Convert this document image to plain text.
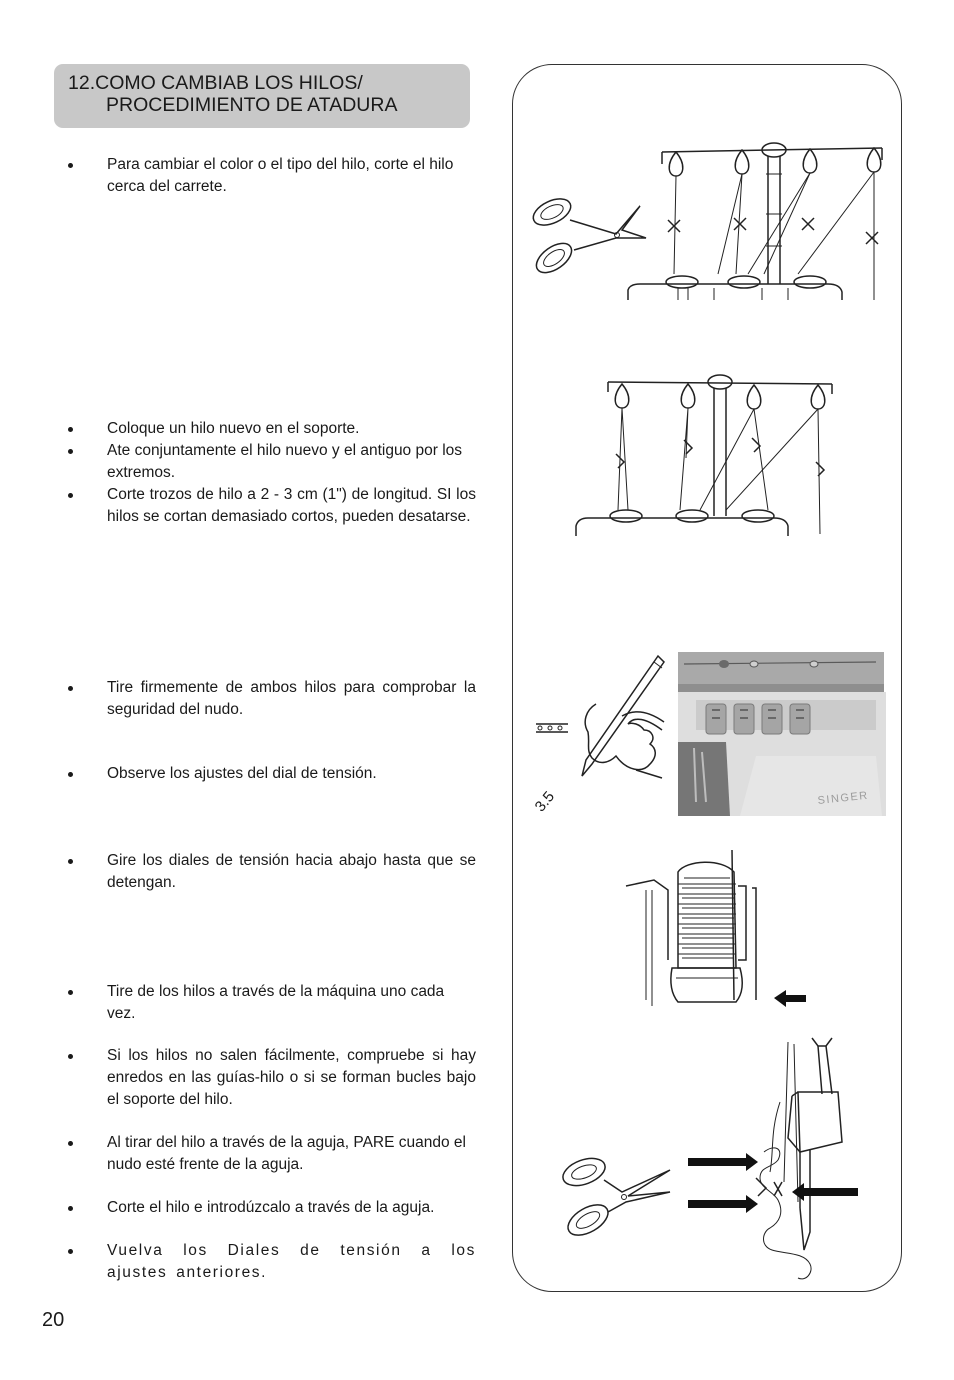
12.COMO CAMBIAB LOS HILOS/
PROCEDIMIENTO DE ATADURA
Para cambiar el color o el tipo del hilo, corte el hilo cerca del carrete.
Coloque un hilo nuevo en el soporte.
Ate conjuntamente el hilo nuevo y el antiguo por los extremos.
Corte trozos de hilo a 2 - 3 cm (1") de longitud. SI los hilos se cortan demasiado cortos, pueden desatarse.
Tire firmemente de ambos hilos para comprobar la seguridad del nudo.
Observe los ajustes del dial de tensión.
Gire los diales de tensión hacia abajo hasta que se detengan.
Tire de los hilos a través de la máquina uno cada vez.
Si los hilos no salen fácilmente, compruebe si hay enredos en las guías-hilo o si se forman bucles bajo el soporte del hilo.
Al tirar del hilo a través de la aguja, PARE cuando el nudo esté frente de la aguja.
Corte el hilo e introdúzcalo a través de la aguja.
Vuelva los Diales de tensión a los ajustes anteriores.
20
3.5	SINGER
